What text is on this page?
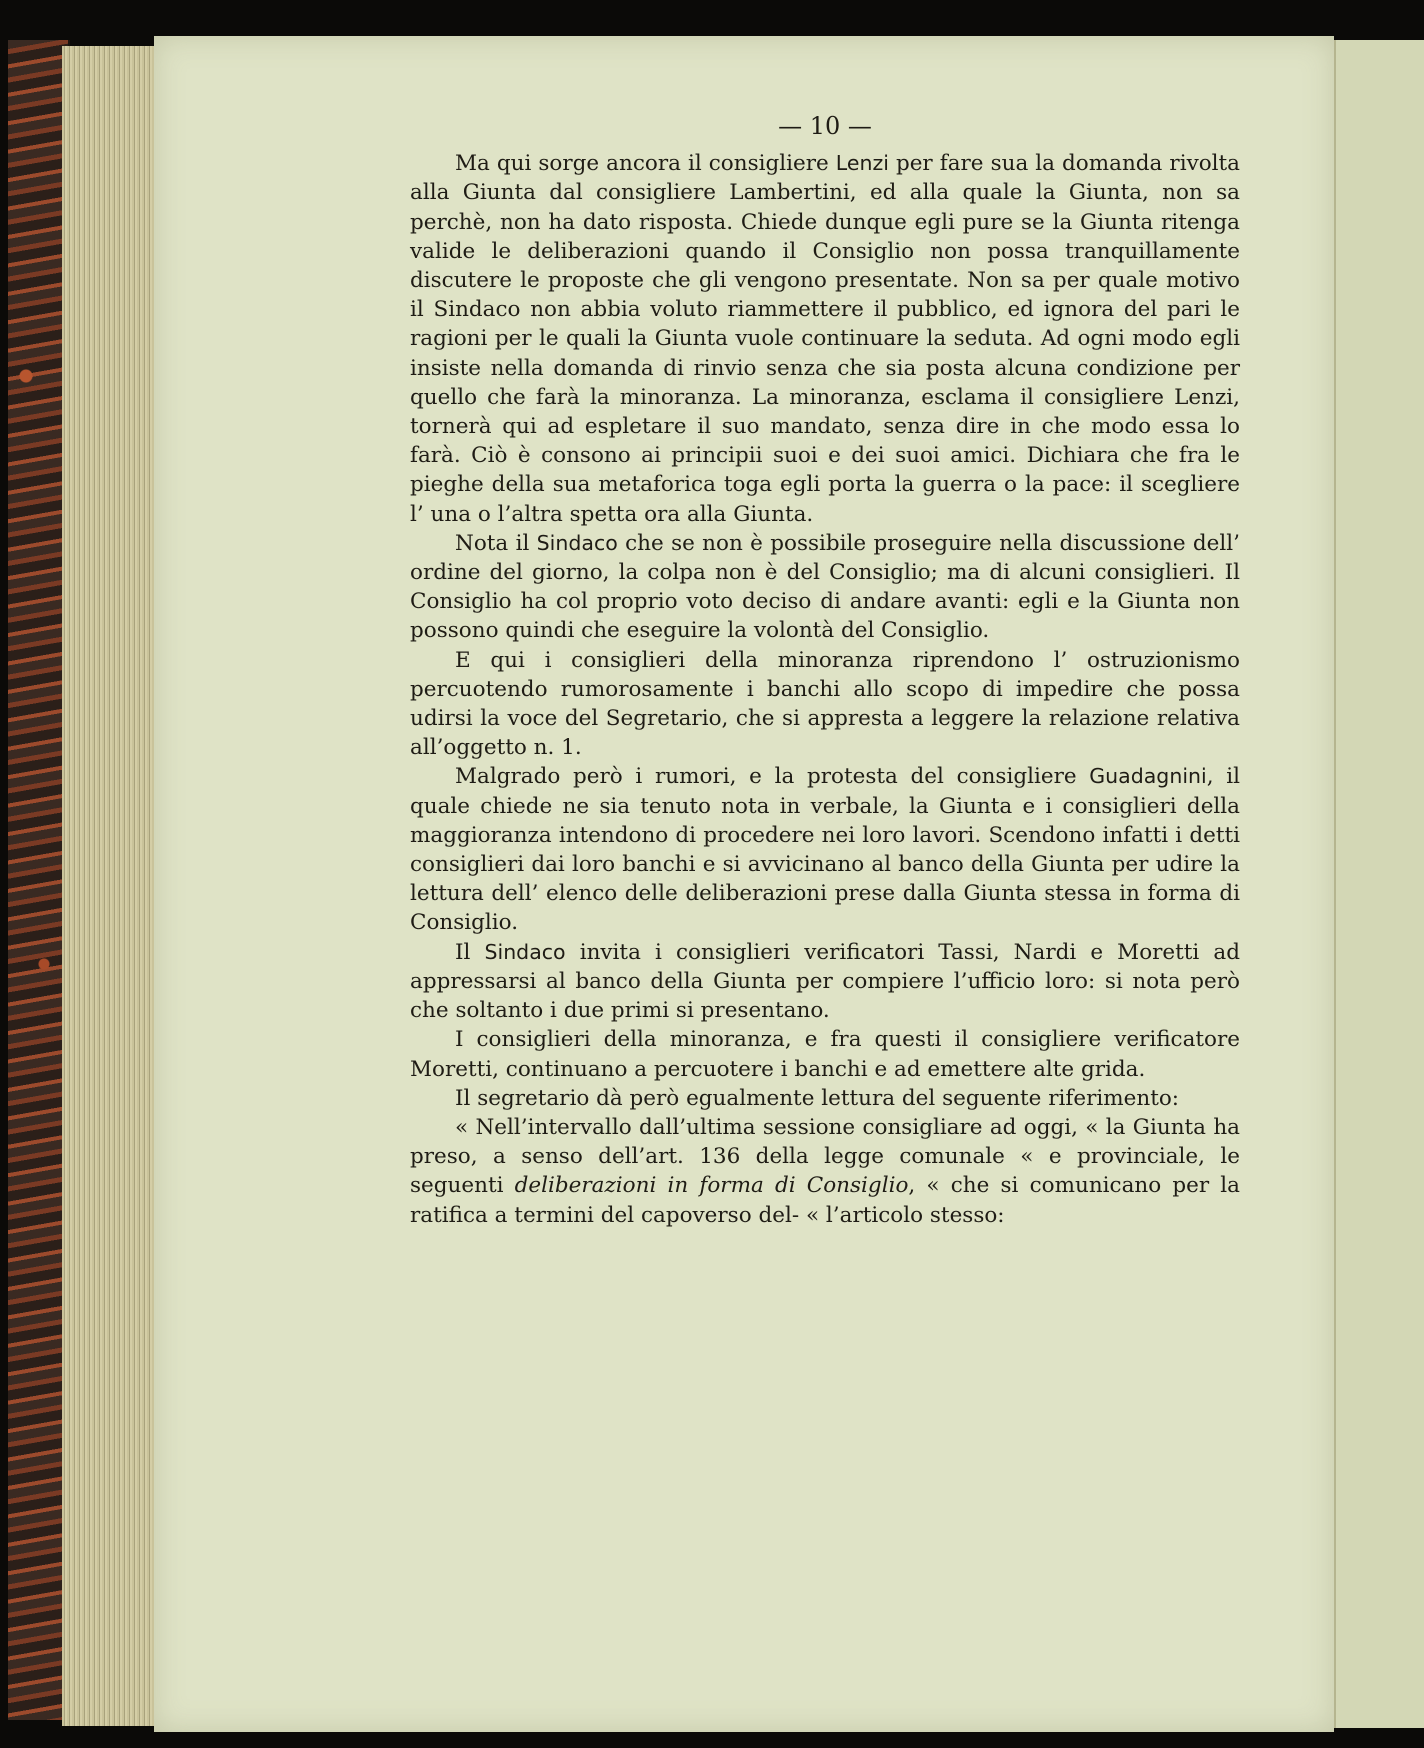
— 10 —

Ma qui sorge ancora il consigliere Lenzi per fare sua la domanda rivolta alla Giunta dal consigliere Lambertini, ed alla quale la Giunta, non sa perchè, non ha dato risposta. Chiede dunque egli pure se la Giunta ritenga valide le deliberazioni quando il Consiglio non possa tranquillamente discutere le proposte che gli vengono presentate. Non sa per quale motivo il Sindaco non abbia voluto riammettere il pubblico, ed ignora del pari le ragioni per le quali la Giunta vuole continuare la seduta. Ad ogni modo egli insiste nella domanda di rinvio senza che sia posta alcuna condizione per quello che farà la minoranza. La minoranza, esclama il consigliere Lenzi, tornerà qui ad espletare il suo mandato, senza dire in che modo essa lo farà. Ciò è consono ai principii suoi e dei suoi amici. Dichiara che fra le pieghe della sua metaforica toga egli porta la guerra o la pace: il scegliere l’ una o l’altra spetta ora alla Giunta.

Nota il Sindaco che se non è possibile proseguire nella discussione dell’ ordine del giorno, la colpa non è del Consiglio; ma di alcuni consiglieri. Il Consiglio ha col proprio voto deciso di andare avanti: egli e la Giunta non possono quindi che eseguire la volontà del Consiglio.

E qui i consiglieri della minoranza riprendono l’ ostruzionismo percuotendo rumorosamente i banchi allo scopo di impedire che possa udirsi la voce del Segretario, che si appresta a leggere la relazione relativa all’oggetto n. 1.

Malgrado però i rumori, e la protesta del consigliere Guadagnini, il quale chiede ne sia tenuto nota in verbale, la Giunta e i consiglieri della maggioranza intendono di procedere nei loro lavori. Scendono infatti i detti consiglieri dai loro banchi e si avvicinano al banco della Giunta per udire la lettura dell’ elenco delle deliberazioni prese dalla Giunta stessa in forma di Consiglio.

Il Sindaco invita i consiglieri verificatori Tassi, Nardi e Moretti ad appressarsi al banco della Giunta per compiere l’ufficio loro: si nota però che soltanto i due primi si presentano.

I consiglieri della minoranza, e fra questi il consigliere verificatore Moretti, continuano a percuotere i banchi e ad emettere alte grida.

Il segretario dà però egualmente lettura del seguente riferimento:

« Nell’intervallo dall’ultima sessione consigliare ad oggi, « la Giunta ha preso, a senso dell’art. 136 della legge comunale « e provinciale, le seguenti deliberazioni in forma di Consiglio, « che si comunicano per la ratifica a termini del capoverso del- « l’articolo stesso:
